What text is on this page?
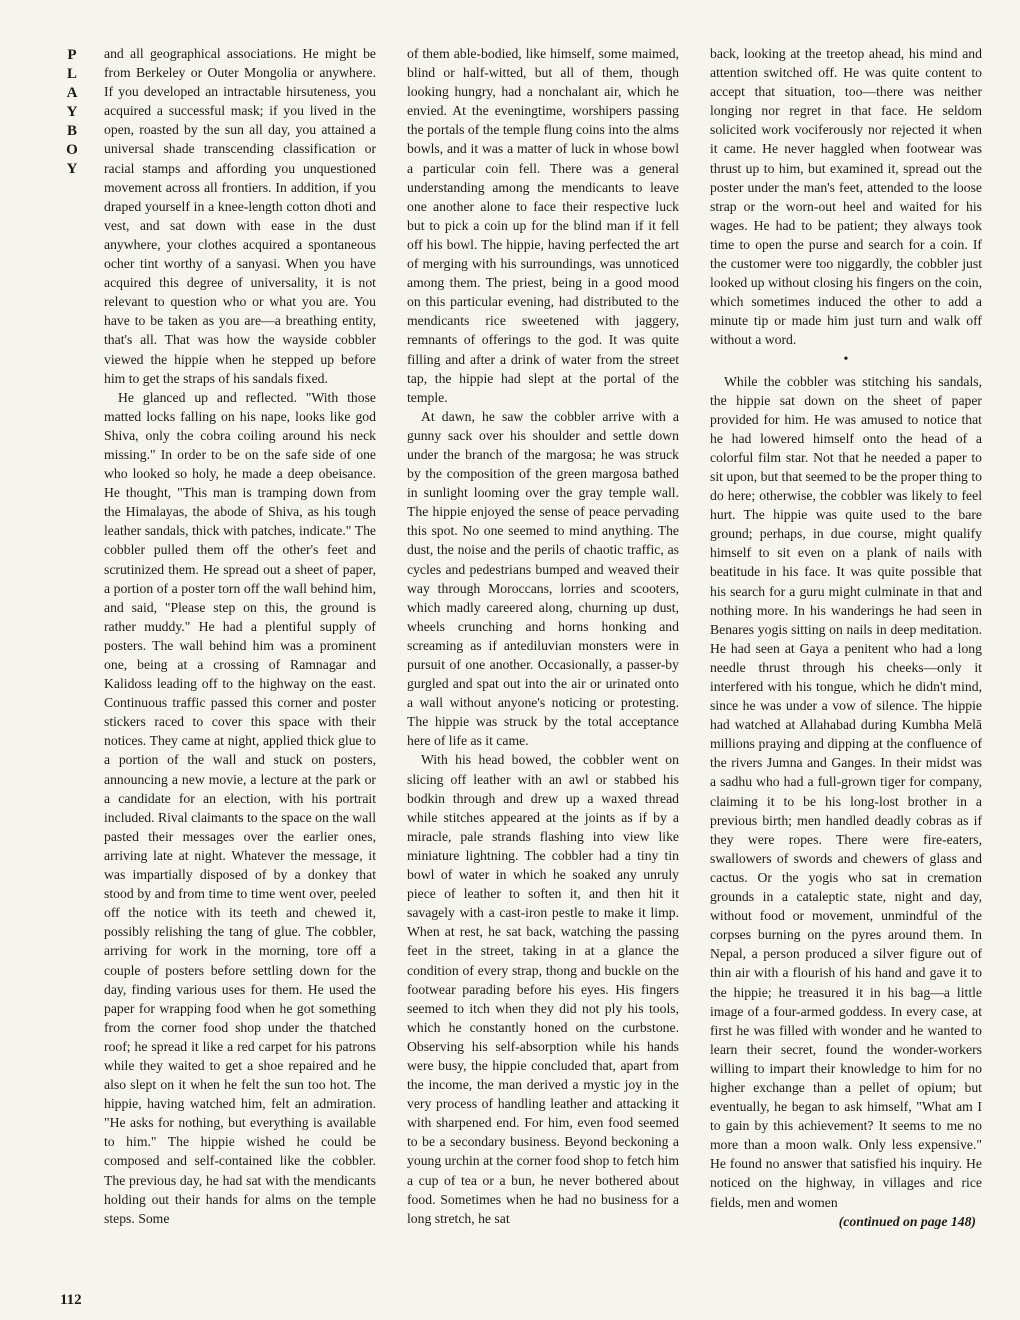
P
L
A
Y
B
O
Y
112

and all geographical associations. He might be from Berkeley or Outer Mongolia or anywhere. If you developed an intractable hirsuteness, you acquired a successful mask; if you lived in the open, roasted by the sun all day, you attained a universal shade transcending classification or racial stamps and affording you unquestioned movement across all frontiers. In addition, if you draped yourself in a knee-length cotton dhoti and vest, and sat down with ease in the dust anywhere, your clothes acquired a spontaneous ocher tint worthy of a sanyasi. When you have acquired this degree of universality, it is not relevant to question who or what you are. You have to be taken as you are—a breathing entity, that's all. That was how the wayside cobbler viewed the hippie when he stepped up before him to get the straps of his sandals fixed.

He glanced up and reflected. "With those matted locks falling on his nape, looks like god Shiva, only the cobra coiling around his neck missing." In order to be on the safe side of one who looked so holy, he made a deep obeisance. He thought, "This man is tramping down from the Himalayas, the abode of Shiva, as his tough leather sandals, thick with patches, indicate." The cobbler pulled them off the other's feet and scrutinized them. He spread out a sheet of paper, a portion of a poster torn off the wall behind him, and said, "Please step on this, the ground is rather muddy." He had a plentiful supply of posters. The wall behind him was a prominent one, being at a crossing of Ramnagar and Kalidoss leading off to the highway on the east. Continuous traffic passed this corner and poster stickers raced to cover this space with their notices. They came at night, applied thick glue to a portion of the wall and stuck on posters, announcing a new movie, a lecture at the park or a candidate for an election, with his portrait included. Rival claimants to the space on the wall pasted their messages over the earlier ones, arriving late at night. Whatever the message, it was impartially disposed of by a donkey that stood by and from time to time went over, peeled off the notice with its teeth and chewed it, possibly relishing the tang of glue. The cobbler, arriving for work in the morning, tore off a couple of posters before settling down for the day, finding various uses for them. He used the paper for wrapping food when he got something from the corner food shop under the thatched roof; he spread it like a red carpet for his patrons while they waited to get a shoe repaired and he also slept on it when he felt the sun too hot. The hippie, having watched him, felt an admiration. "He asks for nothing, but everything is available to him." The hippie wished he could be composed and self-contained like the cobbler. The previous day, he had sat with the mendicants holding out their hands for alms on the temple steps. Some

of them able-bodied, like himself, some maimed, blind or half-witted, but all of them, though looking hungry, had a nonchalant air, which he envied. At the eveningtime, worshipers passing the portals of the temple flung coins into the alms bowls, and it was a matter of luck in whose bowl a particular coin fell. There was a general understanding among the mendicants to leave one another alone to face their respective luck but to pick a coin up for the blind man if it fell off his bowl. The hippie, having perfected the art of merging with his surroundings, was unnoticed among them. The priest, being in a good mood on this particular evening, had distributed to the mendicants rice sweetened with jaggery, remnants of offerings to the god. It was quite filling and after a drink of water from the street tap, the hippie had slept at the portal of the temple.

At dawn, he saw the cobbler arrive with a gunny sack over his shoulder and settle down under the branch of the margosa; he was struck by the composition of the green margosa bathed in sunlight looming over the gray temple wall. The hippie enjoyed the sense of peace pervading this spot. No one seemed to mind anything. The dust, the noise and the perils of chaotic traffic, as cycles and pedestrians bumped and weaved their way through Moroccans, lorries and scooters, which madly careered along, churning up dust, wheels crunching and horns honking and screaming as if antediluvian monsters were in pursuit of one another. Occasionally, a passer-by gurgled and spat out into the air or urinated onto a wall without anyone's noticing or protesting. The hippie was struck by the total acceptance here of life as it came.

With his head bowed, the cobbler went on slicing off leather with an awl or stabbed his bodkin through and drew up a waxed thread while stitches appeared at the joints as if by a miracle, pale strands flashing into view like miniature lightning. The cobbler had a tiny tin bowl of water in which he soaked any unruly piece of leather to soften it, and then hit it savagely with a cast-iron pestle to make it limp. When at rest, he sat back, watching the passing feet in the street, taking in at a glance the condition of every strap, thong and buckle on the footwear parading before his eyes. His fingers seemed to itch when they did not ply his tools, which he constantly honed on the curbstone. Observing his self-absorption while his hands were busy, the hippie concluded that, apart from the income, the man derived a mystic joy in the very process of handling leather and attacking it with sharpened end. For him, even food seemed to be a secondary business. Beyond beckoning a young urchin at the corner food shop to fetch him a cup of tea or a bun, he never bothered about food. Sometimes when he had no business for a long stretch, he sat

back, looking at the treetop ahead, his mind and attention switched off. He was quite content to accept that situation, too—there was neither longing nor regret in that face. He seldom solicited work vociferously nor rejected it when it came. He never haggled when footwear was thrust up to him, but examined it, spread out the poster under the man's feet, attended to the loose strap or the worn-out heel and waited for his wages. He had to be patient; they always took time to open the purse and search for a coin. If the customer were too niggardly, the cobbler just looked up without closing his fingers on the coin, which sometimes induced the other to add a minute tip or made him just turn and walk off without a word.

•

While the cobbler was stitching his sandals, the hippie sat down on the sheet of paper provided for him. He was amused to notice that he had lowered himself onto the head of a colorful film star. Not that he needed a paper to sit upon, but that seemed to be the proper thing to do here; otherwise, the cobbler was likely to feel hurt. The hippie was quite used to the bare ground; perhaps, in due course, might qualify himself to sit even on a plank of nails with beatitude in his face. It was quite possible that his search for a guru might culminate in that and nothing more. In his wanderings he had seen in Benares yogis sitting on nails in deep meditation. He had seen at Gaya a penitent who had a long needle thrust through his cheeks—only it interfered with his tongue, which he didn't mind, since he was under a vow of silence. The hippie had watched at Allahabad during Kumbha Melā millions praying and dipping at the confluence of the rivers Jumna and Ganges. In their midst was a sadhu who had a full-grown tiger for company, claiming it to be his long-lost brother in a previous birth; men handled deadly cobras as if they were ropes. There were fire-eaters, swallowers of swords and chewers of glass and cactus. Or the yogis who sat in cremation grounds in a cataleptic state, night and day, without food or movement, unmindful of the corpses burning on the pyres around them. In Nepal, a person produced a silver figure out of thin air with a flourish of his hand and gave it to the hippie; he treasured it in his bag—a little image of a four-armed goddess. In every case, at first he was filled with wonder and he wanted to learn their secret, found the wonder-workers willing to impart their knowledge to him for no higher exchange than a pellet of opium; but eventually, he began to ask himself, "What am I to gain by this achievement? It seems to me no more than a moon walk. Only less expensive." He found no answer that satisfied his inquiry. He noticed on the highway, in villages and rice fields, men and women

(continued on page 148)
